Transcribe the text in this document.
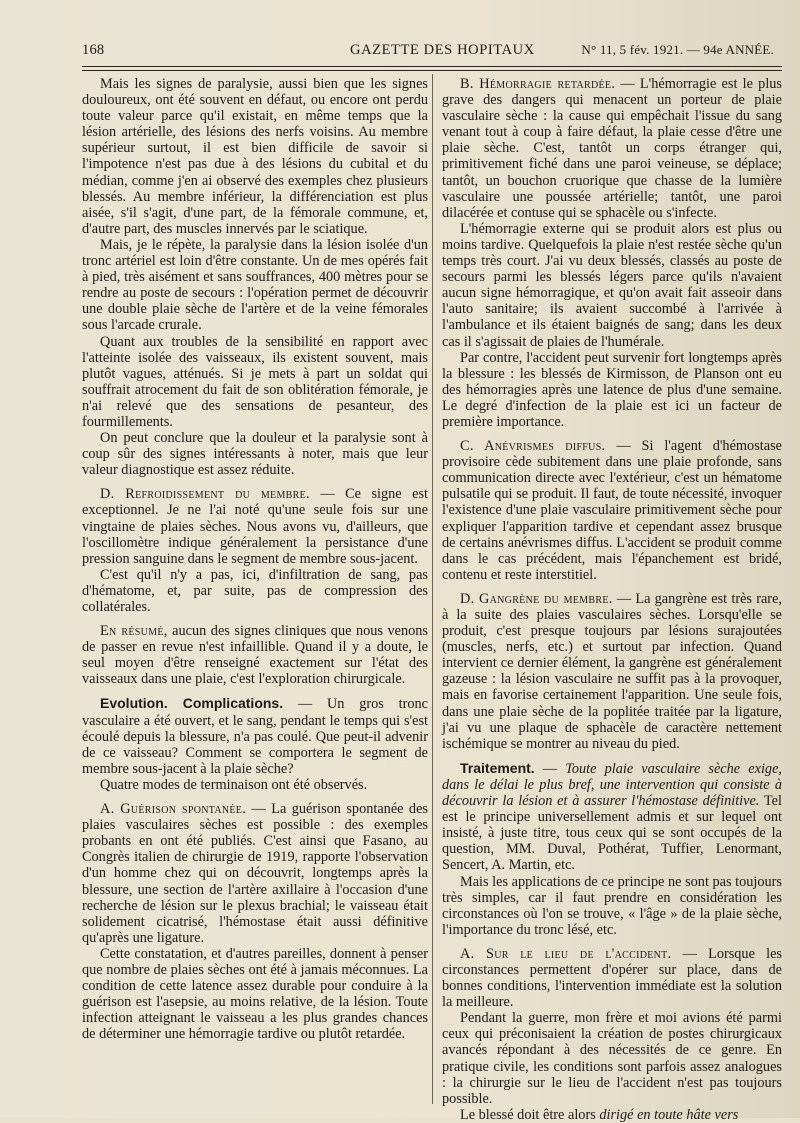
168	GAZETTE DES HOPITAUX	N° 11, 5 fév. 1921. — 94e ANNÉE.

Mais les signes de paralysie, aussi bien que les signes douloureux, ont été souvent en défaut, ou encore ont perdu toute valeur parce qu'il existait, en même temps que la lésion artérielle, des lésions des nerfs voisins. Au membre supérieur surtout, il est bien difficile de savoir si l'impotence n'est pas due à des lésions du cubital et du médian, comme j'en ai observé des exemples chez plusieurs blessés. Au membre inférieur, la différenciation est plus aisée, s'il s'agit, d'une part, de la fémorale commune, et, d'autre part, des muscles innervés par le sciatique.

Mais, je le répète, la paralysie dans la lésion isolée d'un tronc artériel est loin d'être constante. Un de mes opérés fait à pied, très aisément et sans souffrances, 400 mètres pour se rendre au poste de secours : l'opération permet de découvrir une double plaie sèche de l'artère et de la veine fémorales sous l'arcade crurale.

Quant aux troubles de la sensibilité en rapport avec l'atteinte isolée des vaisseaux, ils existent souvent, mais plutôt vagues, atténués. Si je mets à part un soldat qui souffrait atrocement du fait de son oblitération fémorale, je n'ai relevé que des sensations de pesanteur, des fourmillements.

On peut conclure que la douleur et la paralysie sont à coup sûr des signes intéressants à noter, mais que leur valeur diagnostique est assez réduite.

D. Refroidissement du membre. — Ce signe est exceptionnel. Je ne l'ai noté qu'une seule fois sur une vingtaine de plaies sèches. Nous avons vu, d'ailleurs, que l'oscillomètre indique généralement la persistance d'une pression sanguine dans le segment de membre sous-jacent.

C'est qu'il n'y a pas, ici, d'infiltration de sang, pas d'hématome, et, par suite, pas de compression des collatérales.

En résumé, aucun des signes cliniques que nous venons de passer en revue n'est infaillible. Quand il y a doute, le seul moyen d'être renseigné exactement sur l'état des vaisseaux dans une plaie, c'est l'exploration chirurgicale.

Evolution. Complications. — Un gros tronc vasculaire a été ouvert, et le sang, pendant le temps qui s'est écoulé depuis la blessure, n'a pas coulé. Que peut-il advenir de ce vaisseau? Comment se comportera le segment de membre sous-jacent à la plaie sèche?

Quatre modes de terminaison ont été observés.

A. Guérison spontanée. — La guérison spontanée des plaies vasculaires sèches est possible : des exemples probants en ont été publiés. C'est ainsi que Fasano, au Congrès italien de chirurgie de 1919, rapporte l'observation d'un homme chez qui on découvrit, longtemps après la blessure, une section de l'artère axillaire à l'occasion d'une recherche de lésion sur le plexus brachial; le vaisseau était solidement cicatrisé, l'hémostase était aussi définitive qu'après une ligature.

Cette constatation, et d'autres pareilles, donnent à penser que nombre de plaies sèches ont été à jamais méconnues. La condition de cette latence assez durable pour conduire à la guérison est l'asepsie, au moins relative, de la lésion. Toute infection atteignant le vaisseau a les plus grandes chances de déterminer une hémorragie tardive ou plutôt retardée.

B. Hémorragie retardée. — L'hémorragie est le plus grave des dangers qui menacent un porteur de plaie vasculaire sèche : la cause qui empêchait l'issue du sang venant tout à coup à faire défaut, la plaie cesse d'être une plaie sèche. C'est, tantôt un corps étranger qui, primitivement fiché dans une paroi veineuse, se déplace; tantôt, un bouchon cruorique que chasse de la lumière vasculaire une poussée artérielle; tantôt, une paroi dilacérée et contuse qui se sphacèle ou s'infecte.

L'hémorragie externe qui se produit alors est plus ou moins tardive. Quelquefois la plaie n'est restée sèche qu'un temps très court. J'ai vu deux blessés, classés au poste de secours parmi les blessés légers parce qu'ils n'avaient aucun signe hémorragique, et qu'on avait fait asseoir dans l'auto sanitaire; ils avaient succombé à l'arrivée à l'ambulance et ils étaient baignés de sang; dans les deux cas il s'agissait de plaies de l'humérale.

Par contre, l'accident peut survenir fort longtemps après la blessure : les blessés de Kirmisson, de Planson ont eu des hémorragies après une latence de plus d'une semaine. Le degré d'infection de la plaie est ici un facteur de première importance.

C. Anévrismes diffus. — Si l'agent d'hémostase provisoire cède subitement dans une plaie profonde, sans communication directe avec l'extérieur, c'est un hématome pulsatile qui se produit. Il faut, de toute nécessité, invoquer l'existence d'une plaie vasculaire primitivement sèche pour expliquer l'apparition tardive et cependant assez brusque de certains anévrismes diffus. L'accident se produit comme dans le cas précédent, mais l'épanchement est bridé, contenu et reste interstitiel.

D. Gangrène du membre. — La gangrène est très rare, à la suite des plaies vasculaires sèches. Lorsqu'elle se produit, c'est presque toujours par lésions surajoutées (muscles, nerfs, etc.) et surtout par infection. Quand intervient ce dernier élément, la gangrène est généralement gazeuse : la lésion vasculaire ne suffit pas à la provoquer, mais en favorise certainement l'apparition. Une seule fois, dans une plaie sèche de la poplitée traitée par la ligature, j'ai vu une plaque de sphacèle de caractère nettement ischémique se montrer au niveau du pied.

Traitement. — Toute plaie vasculaire sèche exige, dans le délai le plus bref, une intervention qui consiste à découvrir la lésion et à assurer l'hémostase définitive. Tel est le principe universellement admis et sur lequel ont insisté, à juste titre, tous ceux qui se sont occupés de la question, MM. Duval, Pothérat, Tuffier, Lenormant, Sencert, A. Martin, etc.

Mais les applications de ce principe ne sont pas toujours très simples, car il faut prendre en considération les circonstances où l'on se trouve, « l'âge » de la plaie sèche, l'importance du tronc lésé, etc.

A. Sur le lieu de l'accident. — Lorsque les circonstances permettent d'opérer sur place, dans de bonnes conditions, l'intervention immédiate est la solution la meilleure.

Pendant la guerre, mon frère et moi avions été parmi ceux qui préconisaient la création de postes chirurgicaux avancés répondant à des nécessités de ce genre. En pratique civile, les conditions sont parfois assez analogues : la chirurgie sur le lieu de l'accident n'est pas toujours possible.

Le blessé doit être alors dirigé en toute hâte vers
